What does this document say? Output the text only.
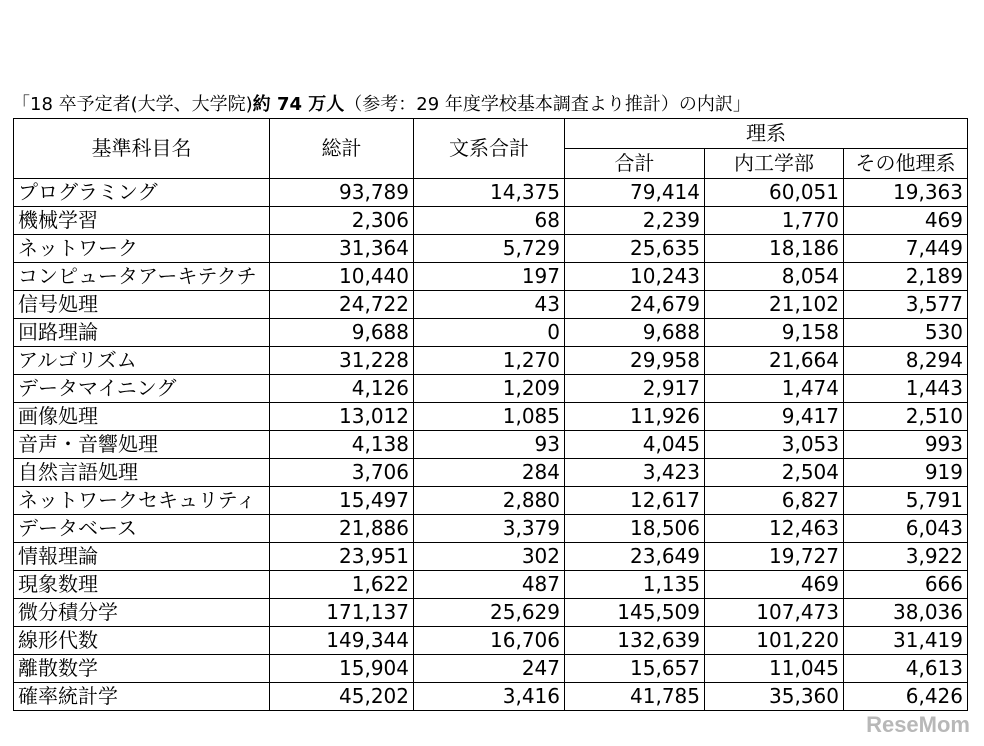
「18 卒予定者(大学、大学院)約 74 万人（参考：29 年度学校基本調査より推計）の内訳」
基準科目名	総計	文系合計	理系		
			合計	内工学部	その他理系
プログラミング	93,789	14,375	79,414	60,051	19,363
機械学習	2,306	68	2,239	1,770	469
ネットワーク	31,364	5,729	25,635	18,186	7,449
コンピュータアーキテクチ	10,440	197	10,243	8,054	2,189
信号処理	24,722	43	24,679	21,102	3,577
回路理論	9,688	0	9,688	9,158	530
アルゴリズム	31,228	1,270	29,958	21,664	8,294
データマイニング	4,126	1,209	2,917	1,474	1,443
画像処理	13,012	1,085	11,926	9,417	2,510
音声・音響処理	4,138	93	4,045	3,053	993
自然言語処理	3,706	284	3,423	2,504	919
ネットワークセキュリティ	15,497	2,880	12,617	6,827	5,791
データベース	21,886	3,379	18,506	12,463	6,043
情報理論	23,951	302	23,649	19,727	3,922
現象数理	1,622	487	1,135	469	666
微分積分学	171,137	25,629	145,509	107,473	38,036
線形代数	149,344	16,706	132,639	101,220	31,419
離散数学	15,904	247	15,657	11,045	4,613
確率統計学	45,202	3,416	41,785	35,360	6,426
ReseMom
